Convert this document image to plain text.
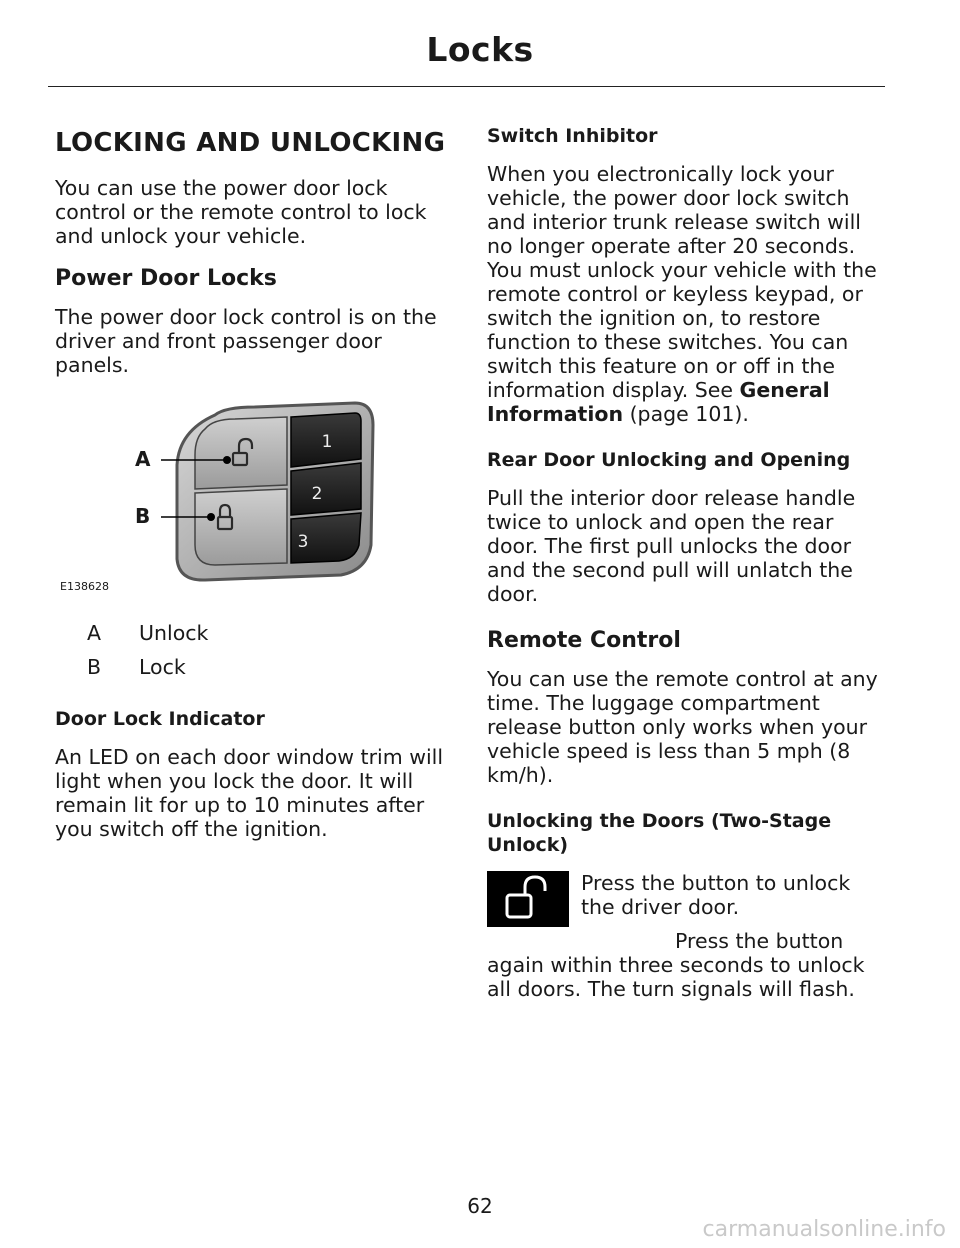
Locks
LOCKING AND UNLOCKING

You can use the power door lock control or the remote control to lock and unlock your vehicle.

Power Door Locks

The power door lock control is on the driver and front passenger door panels.

1
2
3
A
B
E138628
A	Unlock
B	Lock
Door Lock Indicator

An LED on each door window trim will light when you lock the door. It will remain lit for up to 10 minutes after you switch off the ignition.

Switch Inhibitor

When you electronically lock your vehicle, the power door lock switch and interior trunk release switch will no longer operate after 20 seconds. You must unlock your vehicle with the remote control or keyless keypad, or switch the ignition on, to restore function to these switches. You can switch this feature on or off in the information display. See General Information (page 101).

Rear Door Unlocking and Opening

Pull the interior door release handle twice to unlock and open the rear door. The first pull unlocks the door and the second pull will unlatch the door.

Remote Control

You can use the remote control at any time. The luggage compartment release button only works when your vehicle speed is less than 5 mph (8 km/h).

Unlocking the Doors (Two-Stage Unlock)

Press the button to unlock the driver door.

Press the button again within three seconds to unlock all doors. The turn signals will flash.

62
carmanualsonline.info
